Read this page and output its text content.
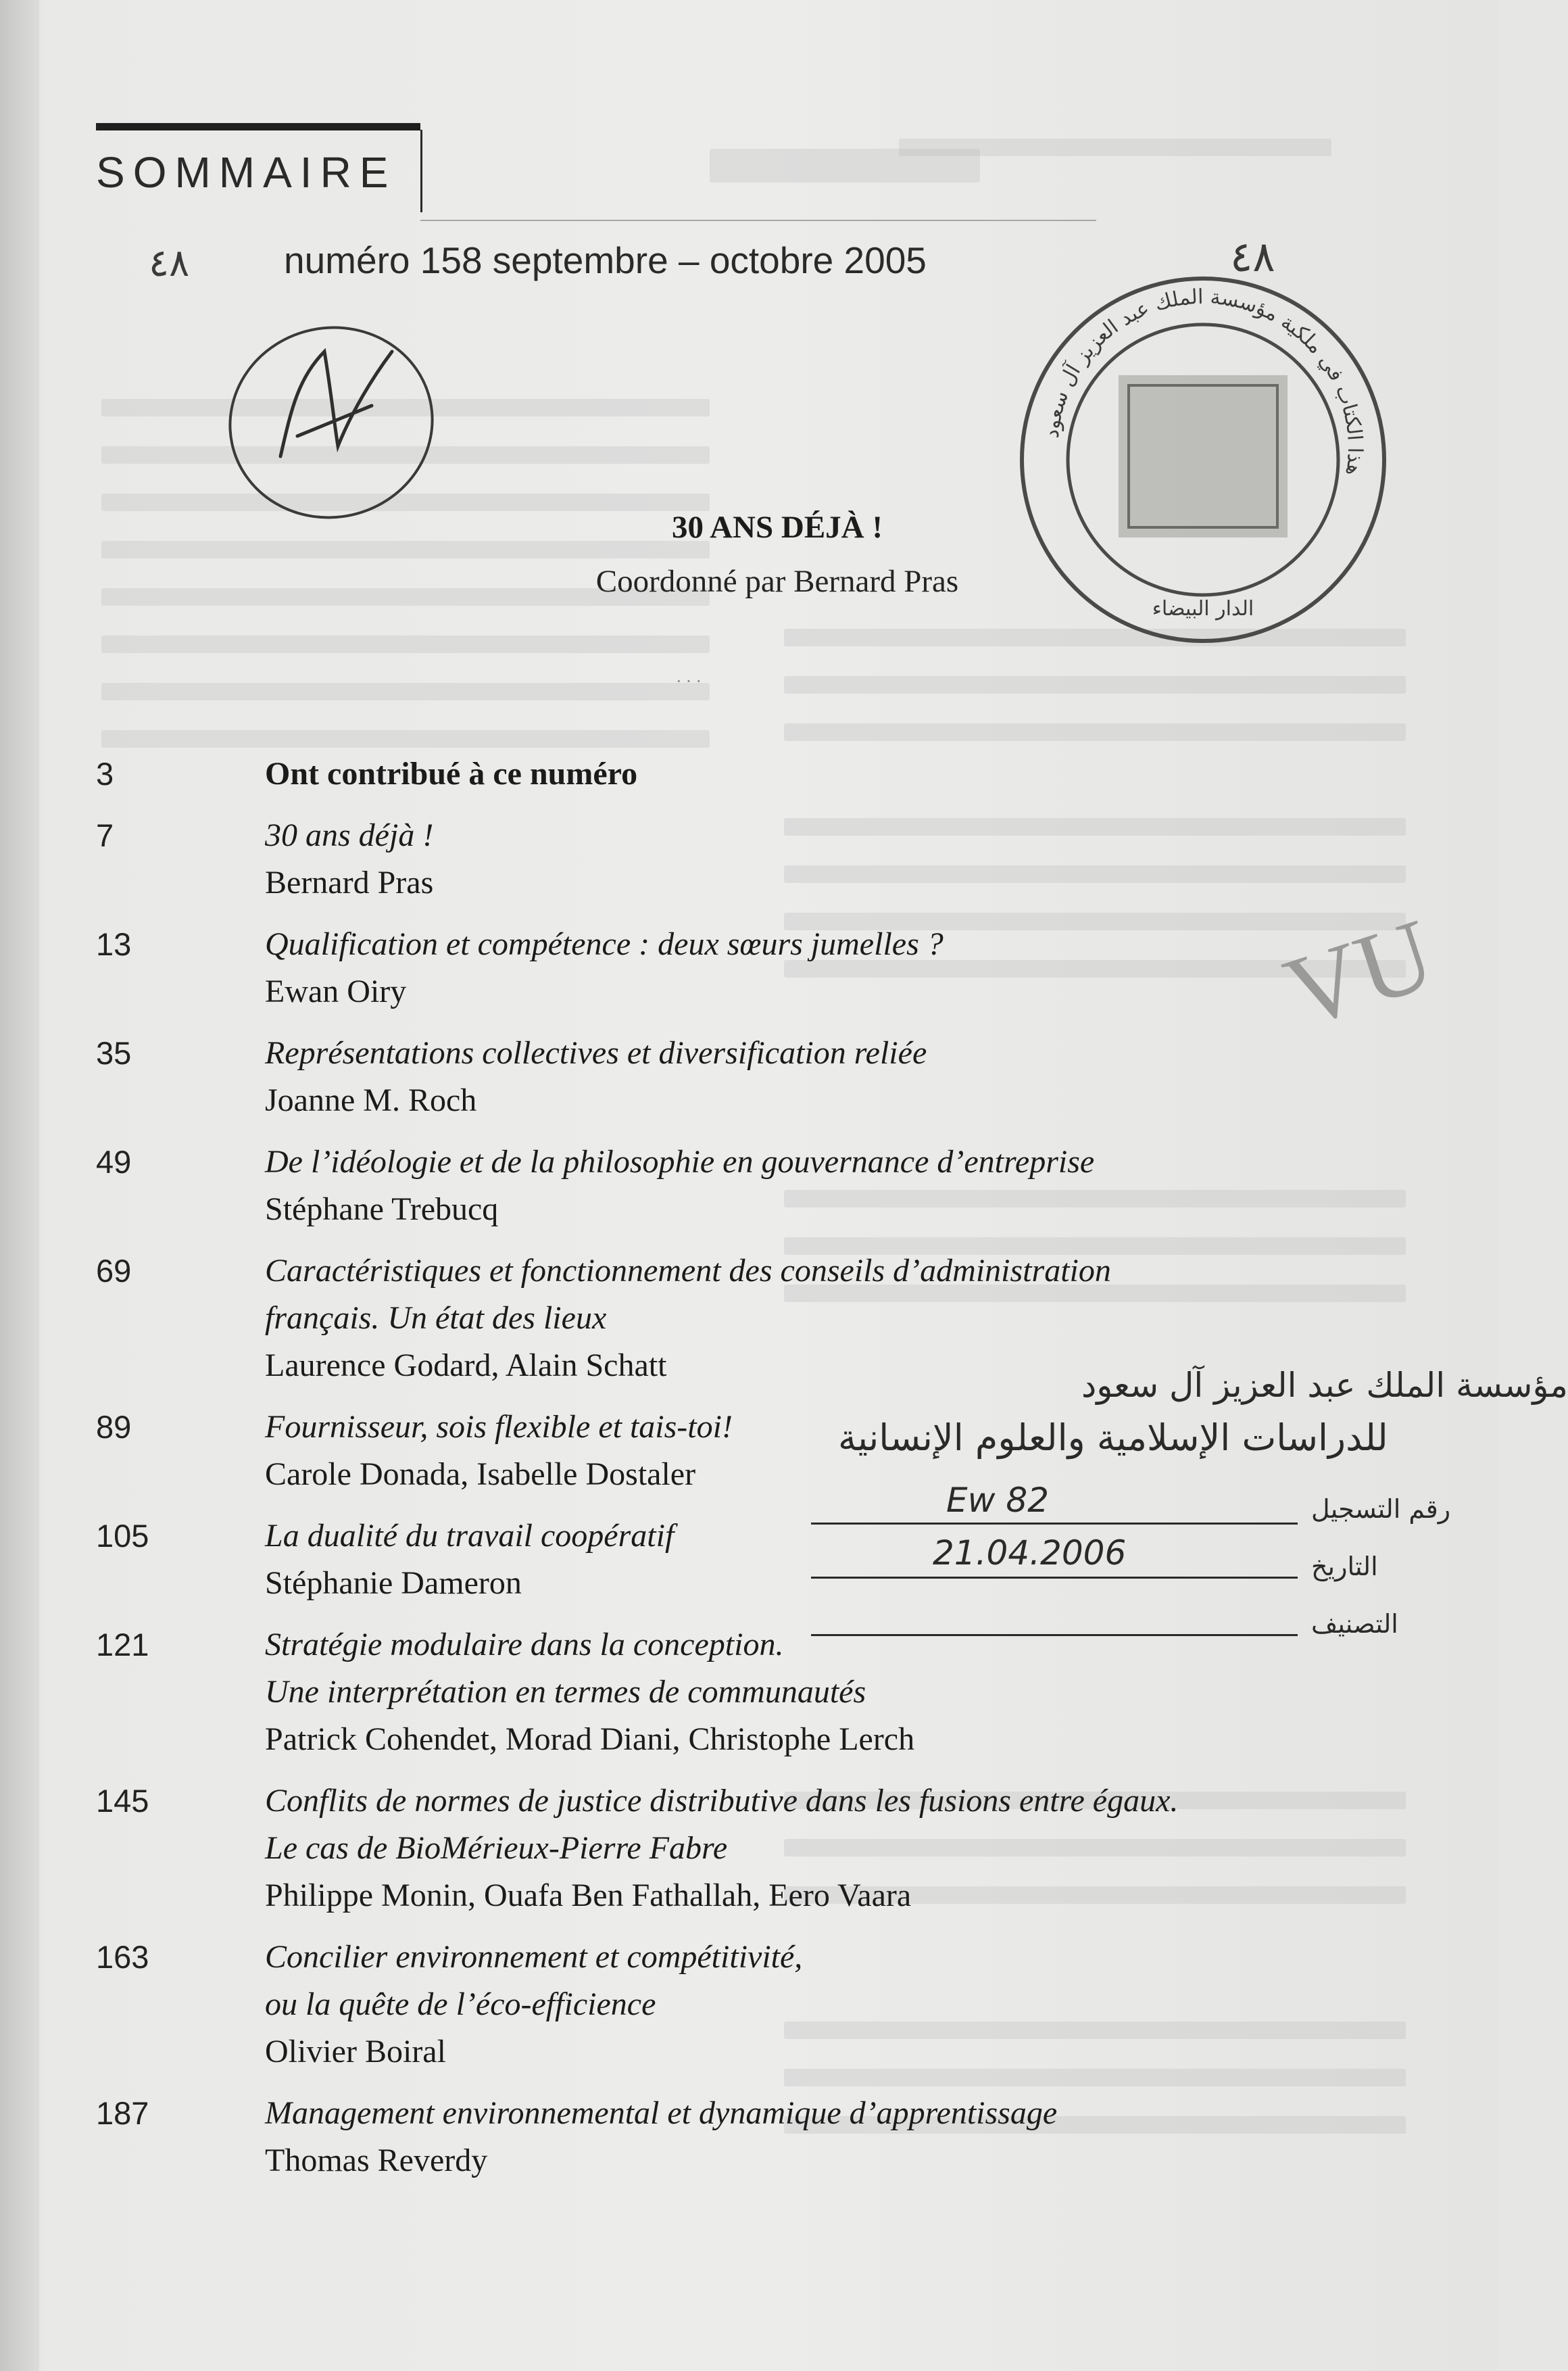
SOMMAIRE
٤٨	numéro 158 septembre – octobre 2005	٤٨
هذا الكتاب في ملكية مؤسسة الملك عبد العزيز آل سعود
الدار البيضاء
VU
30 ANS DÉJÀ !
Coordonné par Bernard Pras
···
3	Ont contribué à ce numéro
7	30 ans déjà !
Bernard Pras
13	Qualification et compétence : deux sœurs jumelles ?
Ewan Oiry
35	Représentations collectives et diversification reliée
Joanne M. Roch
49	De l’idéologie et de la philosophie en gouvernance d’entreprise
Stéphane Trebucq
69	Caractéristiques et fonctionnement des conseils d’administration
français. Un état des lieux
Laurence Godard, Alain Schatt
89	Fournisseur, sois flexible et tais-toi!
Carole Donada, Isabelle Dostaler
105	La dualité du travail coopératif
Stéphanie Dameron
121	Stratégie modulaire dans la conception.
Une interprétation en termes de communautés
Patrick Cohendet, Morad Diani, Christophe Lerch
145	Conflits de normes de justice distributive dans les fusions entre égaux.
Le cas de BioMérieux-Pierre Fabre
Philippe Monin, Ouafa Ben Fathallah, Eero Vaara
163	Concilier environnement et compétitivité,
ou la quête de l’éco-efficience
Olivier Boiral
187	Management environnemental et dynamique d’apprentissage
Thomas Reverdy
مؤسسة الملك عبد العزيز آل سعود
للدراسات الإسلامية والعلوم الإنسانية
رقم التسجيل
Ew 82
التاريخ
21.04.2006
التصنيف
